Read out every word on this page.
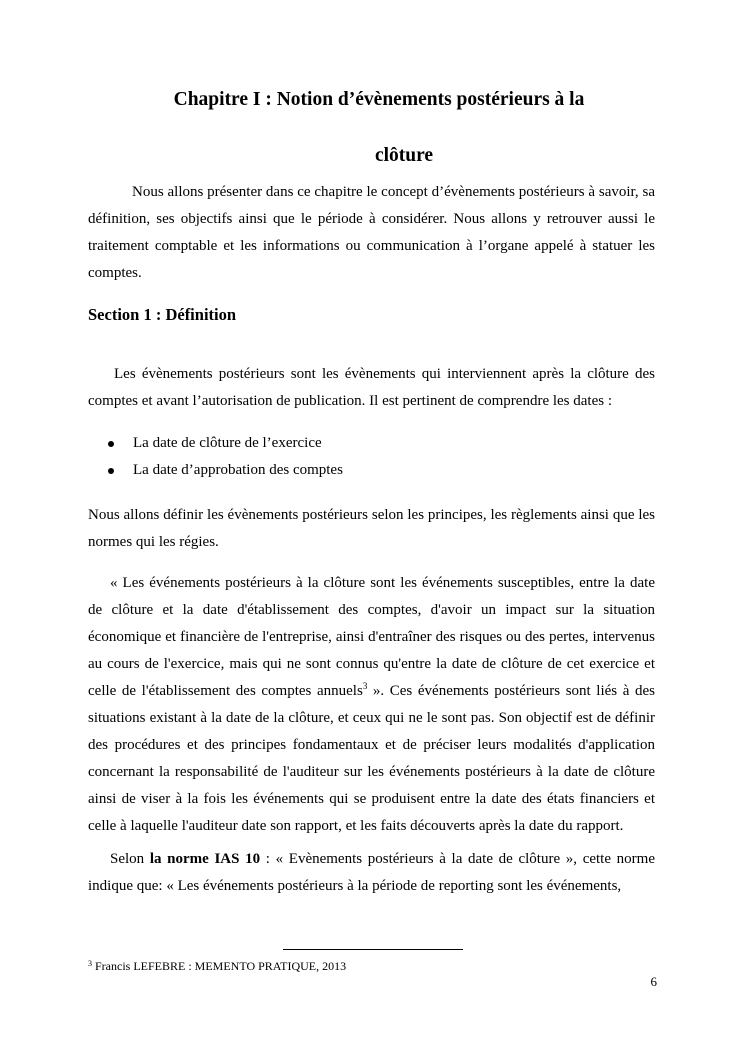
Chapitre I : Notion d’évènements postérieurs à la
clôture

Nous allons présenter dans ce chapitre le concept d’évènements postérieurs à savoir, sa définition, ses objectifs ainsi que le période à considérer. Nous allons y retrouver aussi le traitement comptable et les informations ou communication à l’organe appelé à statuer les comptes.

Section 1 : Définition

Les évènements postérieurs sont les évènements qui interviennent après la clôture des comptes et avant l’autorisation de publication. Il est pertinent de comprendre les dates :

La date de clôture de l’exercice
La date d’approbation des comptes

Nous allons définir les évènements postérieurs selon les principes, les règlements ainsi que les normes qui les régies.

« Les événements postérieurs à la clôture sont les événements susceptibles, entre la date de clôture et la date d'établissement des comptes, d'avoir un impact sur la situation économique et financière de l'entreprise, ainsi d'entraîner des risques ou des pertes, intervenus au cours de l'exercice, mais qui ne sont connus qu'entre la date de clôture de cet exercice et celle de l'établissement des comptes annuels$^3$ ». Ces événements postérieurs sont liés à des situations existant à la date de la clôture, et ceux qui ne le sont pas. Son objectif est de définir des procédures et des principes fondamentaux et de préciser leurs modalités d'application concernant la responsabilité de l'auditeur sur les événements postérieurs à la date de clôture ainsi de viser à la fois les événements qui se produisent entre la date des états financiers et celle à laquelle l'auditeur date son rapport, et les faits découverts après la date du rapport.

Selon la norme IAS 10 : « Evènements postérieurs à la date de clôture », cette norme indique que: « Les événements postérieurs à la période de reporting sont les événements,

$^3$ Francis LEFEBRE : MEMENTO PRATIQUE, 2013
6
